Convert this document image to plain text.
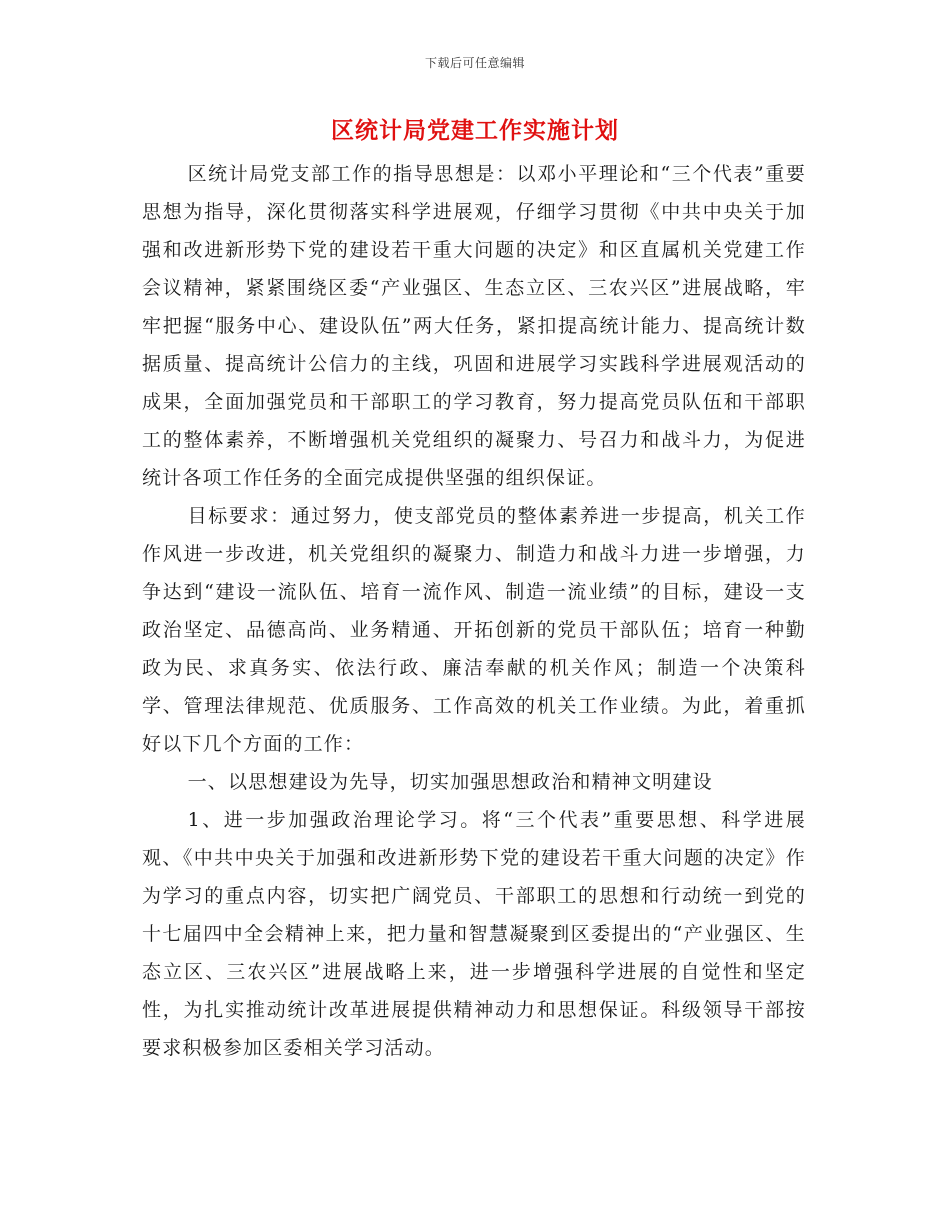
下载后可任意编辑
区统计局党建工作实施计划

区统计局党支部工作的指导思想是：以邓小平理论和“三个代表”重要思想为指导，深化贯彻落实科学进展观，仔细学习贯彻《中共中央关于加强和改进新形势下党的建设若干重大问题的决定》和区直属机关党建工作会议精神，紧紧围绕区委“产业强区、生态立区、三农兴区”进展战略，牢牢把握“服务中心、建设队伍”两大任务，紧扣提高统计能力、提高统计数据质量、提高统计公信力的主线，巩固和进展学习实践科学进展观活动的成果，全面加强党员和干部职工的学习教育，努力提高党员队伍和干部职工的整体素养，不断增强机关党组织的凝聚力、号召力和战斗力，为促进统计各项工作任务的全面完成提供坚强的组织保证。

目标要求：通过努力，使支部党员的整体素养进一步提高，机关工作作风进一步改进，机关党组织的凝聚力、制造力和战斗力进一步增强，力争达到“建设一流队伍、培育一流作风、制造一流业绩”的目标，建设一支政治坚定、品德高尚、业务精通、开拓创新的党员干部队伍；培育一种勤政为民、求真务实、依法行政、廉洁奉献的机关作风；制造一个决策科学、管理法律规范、优质服务、工作高效的机关工作业绩。为此，着重抓好以下几个方面的工作：

一、以思想建设为先导，切实加强思想政治和精神文明建设

1、进一步加强政治理论学习。将“三个代表”重要思想、科学进展观、《中共中央关于加强和改进新形势下党的建设若干重大问题的决定》作为学习的重点内容，切实把广阔党员、干部职工的思想和行动统一到党的十七届四中全会精神上来，把力量和智慧凝聚到区委提出的“产业强区、生态立区、三农兴区”进展战略上来，进一步增强科学进展的自觉性和坚定性，为扎实推动统计改革进展提供精神动力和思想保证。科级领导干部按要求积极参加区委相关学习活动。
